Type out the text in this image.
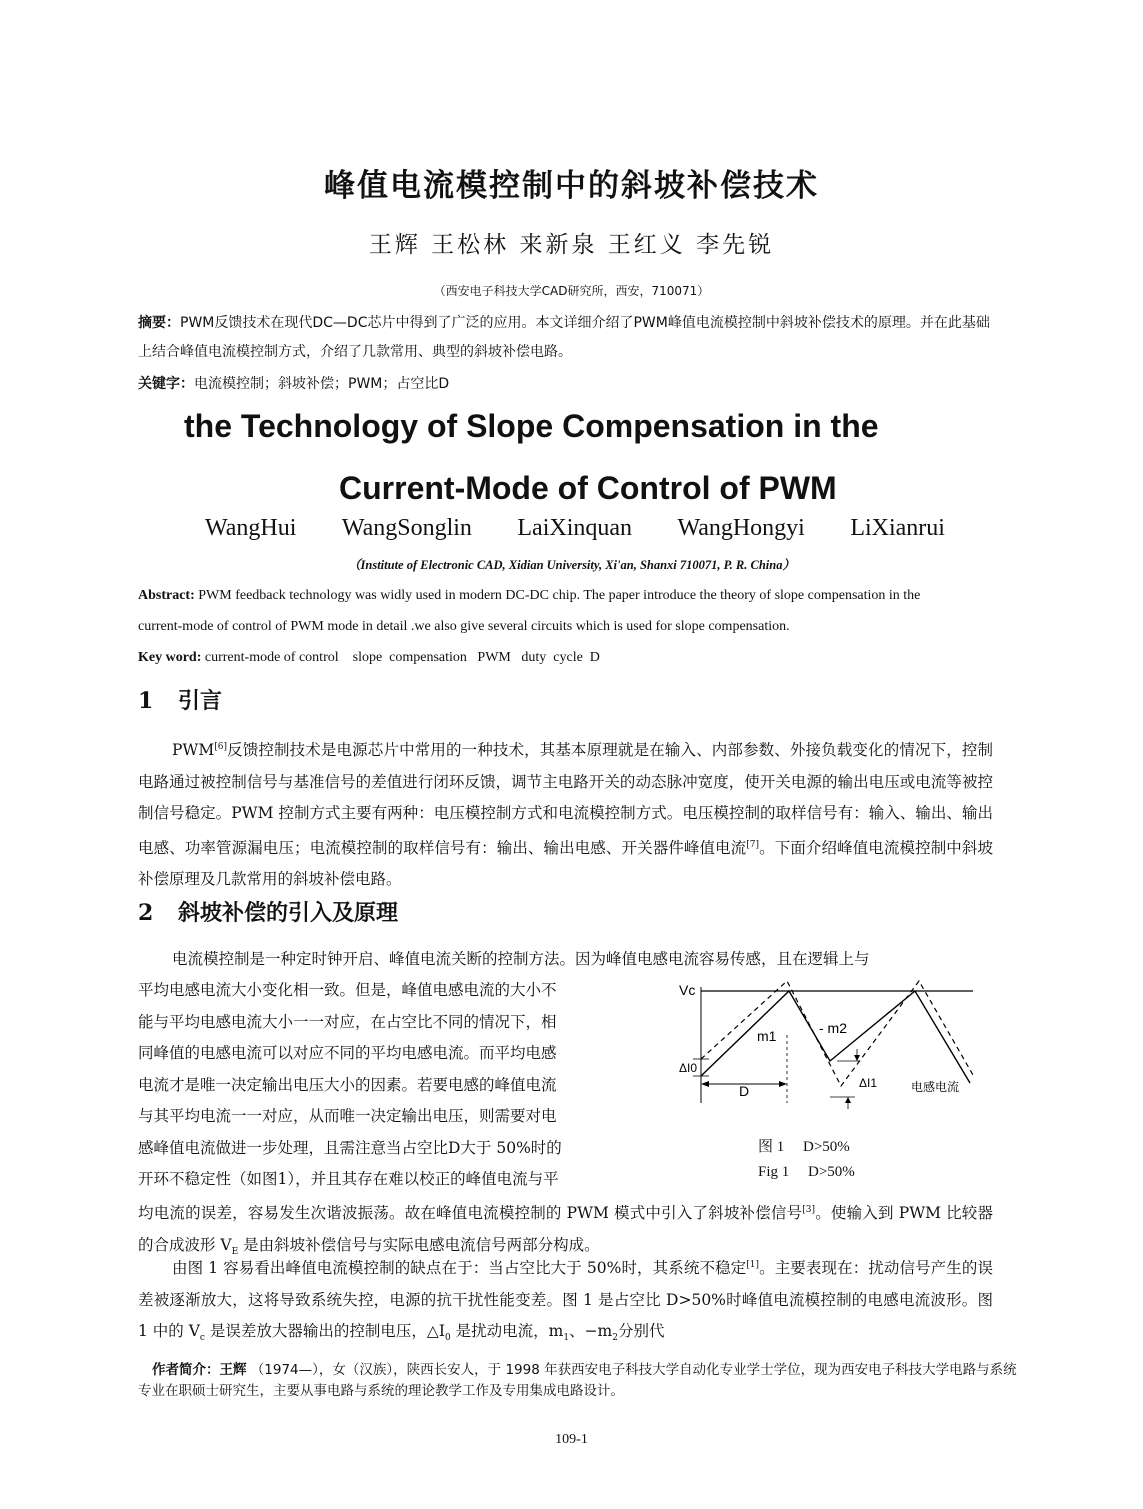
峰值电流模控制中的斜坡补偿技术
王辉 王松林 来新泉 王红义 李先锐
（西安电子科技大学CAD研究所，西安，710071）
摘要：PWM反馈技术在现代DC—DC芯片中得到了广泛的应用。本文详细介绍了PWM峰值电流模控制中斜坡补偿技术的原理。并在此基础上结合峰值电流模控制方式，介绍了几款常用、典型的斜坡补偿电路。
关键字：电流模控制；斜坡补偿；PWM；占空比D
the Technology of Slope Compensation in the
Current-Mode of Control of PWM
WangHui WangSonglin LaiXinquan WangHongyi LiXianrui
（Institute of Electronic CAD, Xidian University, Xi'an, Shanxi 710071, P. R. China）
Abstract: PWM feedback technology was widly used in modern DC-DC chip. The paper introduce the theory of slope compensation in the
current-mode of control of PWM mode in detail .we also give several circuits which is used for slope compensation.
Key word: current-mode of control    slope  compensation   PWM   duty  cycle  D
1 引言
PWM[6]反馈控制技术是电源芯片中常用的一种技术，其基本原理就是在输入、内部参数、外接负载变化的情况下，控制电路通过被控制信号与基准信号的差值进行闭环反馈，调节主电路开关的动态脉冲宽度，使开关电源的输出电压或电流等被控制信号稳定。PWM 控制方式主要有两种：电压模控制方式和电流模控制方式。电压模控制的取样信号有：输入、输出、输出电感、功率管源漏电压；电流模控制的取样信号有：输出、输出电感、开关器件峰值电流[7]。下面介绍峰值电流模控制中斜坡补偿原理及几款常用的斜坡补偿电路。
2 斜坡补偿的引入及原理
电流模控制是一种定时钟开启、峰值电流关断的控制方法。因为峰值电感电流容易传感，且在逻辑上与
平均电感电流大小变化相一致。但是，峰值电感电流的大小不
能与平均电感电流大小一一对应，在占空比不同的情况下，相
同峰值的电感电流可以对应不同的平均电感电流。而平均电感
电流才是唯一决定输出电压大小的因素。若要电感的峰值电流
与其平均电流一一对应，从而唯一决定输出电压，则需要对电
感峰值电流做进一步处理，且需注意当占空比D大于 50%时的
开环不稳定性（如图1），并且其存在难以校正的峰值电流与平
Vc
m1	- m2
ΔI0
D	ΔI1	电感电流
图 1     D>50%
Fig 1     D>50%
均电流的误差，容易发生次谐波振荡。故在峰值电流模控制的 PWM 模式中引入了斜坡补偿信号[3]。使输入到 PWM 比较器的合成波形 $V_E$ 是由斜坡补偿信号与实际电感电流信号两部分构成。
由图 1 容易看出峰值电流模控制的缺点在于：当占空比大于 50%时，其系统不稳定[1]。主要表现在：扰动信号产生的误差被逐渐放大，这将导致系统失控，电源的抗干扰性能变差。图 1 是占空比 D>50%时峰值电流模控制的电感电流波形。图 1 中的 $V_c$ 是误差放大器输出的控制电压，$\triangle I_0$ 是扰动电流，$m_1$、$-m_2$分别代
作者简介：王辉 （1974—），女（汉族），陕西长安人，于 1998 年获西安电子科技大学自动化专业学士学位，现为西安电子科技大学电路与系统专业在职硕士研究生，主要从事电路与系统的理论教学工作及专用集成电路设计。
109-1
